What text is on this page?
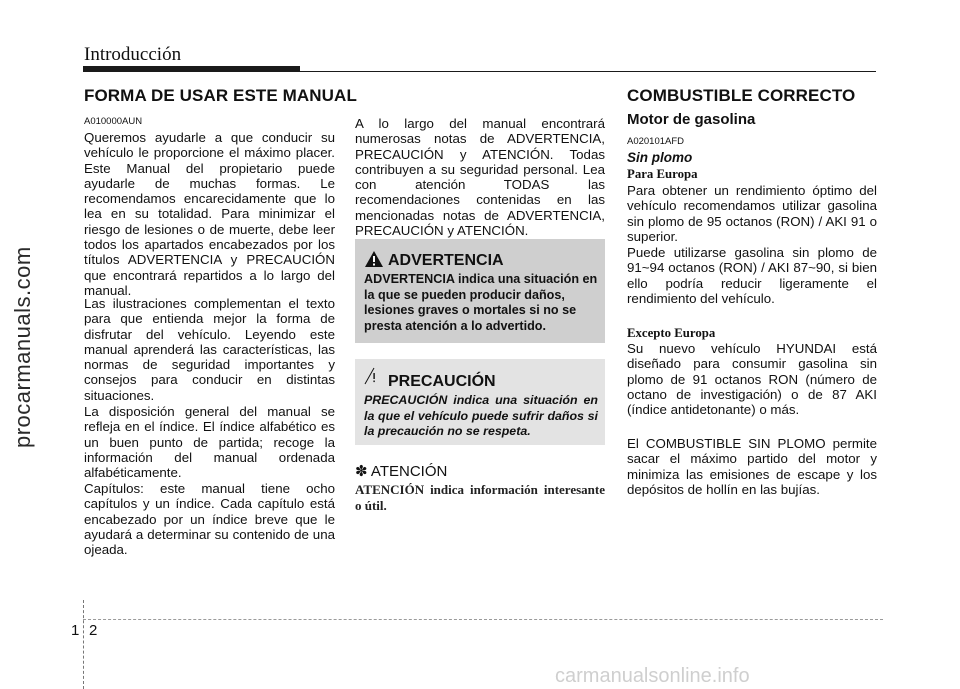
Introducción
procarmanuals.com
FORMA DE USAR ESTE MANUAL
A010000AUN
Queremos ayudarle a que conducir su vehículo le proporcione el máximo placer. Este Manual del propietario puede ayudarle de muchas formas. Le recomendamos encarecidamente que lo lea en su totalidad. Para minimizar el riesgo de lesiones o de muerte, debe leer todos los apartados encabezados por los títulos ADVERTENCIA y PRECAUCIÓN que encontrará repartidos a lo largo del manual.
Las ilustraciones complementan el texto para que entienda mejor la forma de disfrutar del vehículo. Leyendo este manual aprenderá las características, las normas de seguridad importantes y consejos para conducir en distintas situaciones.
La disposición general del manual se refleja en el índice. El índice alfabético es un buen punto de partida; recoge la información del manual ordenada alfabéticamente.
Capítulos: este manual tiene ocho capítulos y un índice. Cada capítulo está encabezado por un índice breve que le ayudará a determinar su contenido de una ojeada.
A lo largo del manual encontrará numerosas notas de ADVERTENCIA, PRECAUCIÓN y ATENCIÓN. Todas contribuyen a su seguridad personal. Lea con atención TODAS las recomendaciones contenidas en las mencionadas notas de ADVERTENCIA, PRECAUCIÓN y ATENCIÓN.
ADVERTENCIA
ADVERTENCIA indica una situación en la que se pueden producir daños, lesiones graves o mortales si no se presta atención a lo advertido.
PRECAUCIÓN
PRECAUCIÓN indica una situación en la que el vehículo puede sufrir daños si la precaución no se respeta.
✽ ATENCIÓN
ATENCIÓN indica información interesante o útil.
COMBUSTIBLE CORRECTO
Motor de gasolina
A020101AFD
Sin plomo
Para Europa
Para obtener un rendimiento óptimo del vehículo recomendamos utilizar gasolina sin plomo de 95 octanos (RON) / AKI 91 o superior.
Puede utilizarse gasolina sin plomo de 91~94 octanos (RON) / AKI 87~90, si bien ello podría reducir ligeramente el rendimiento del vehículo.
Excepto Europa
Su nuevo vehículo HYUNDAI está diseñado para consumir gasolina sin plomo de 91 octanos RON (número de octano de investigación) o de 87 AKI (índice antidetonante) o más.
El COMBUSTIBLE SIN PLOMO permite sacar el máximo partido del motor y minimiza las emisiones de escape y los depósitos de hollín en las bujías.
1 2
carmanualsonline.info
